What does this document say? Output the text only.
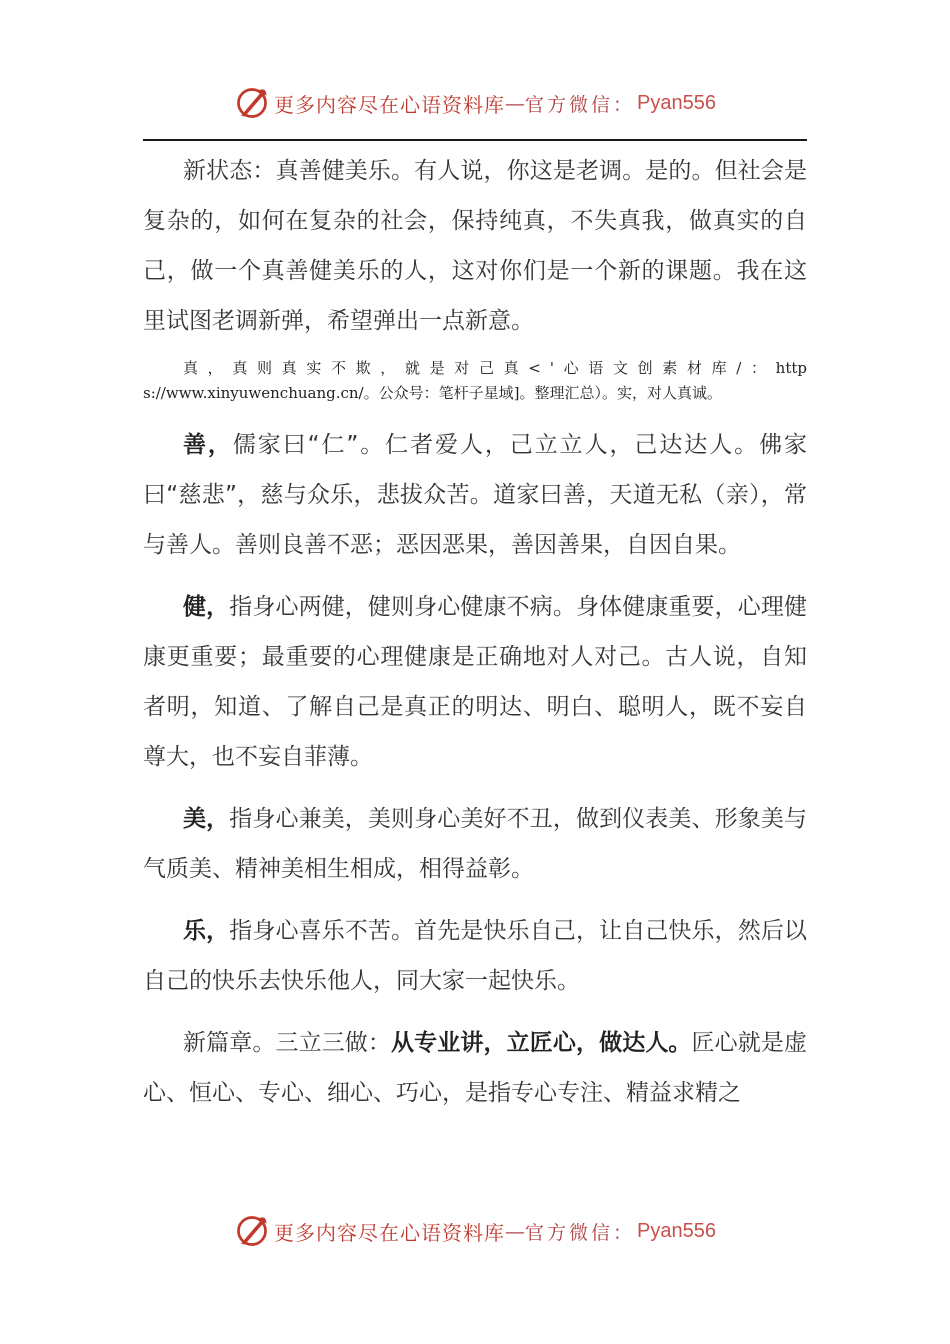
更多内容尽在心语资料库 — 官方微信： Pyan556

新状态：真善健美乐。有人说，你这是老调。是的。但社会是复杂的，如何在复杂的社会，保持纯真，不失真我，做真实的自己，做一个真善健美乐的人，这对你们是一个新的课题。我在这里试图老调新弹，希望弹出一点新意。

真，真则真实不欺，就是对己真<'心语文创素材库/：https://www.xinyuwenchuang.cn/。公众号：笔杆子星域]。整理汇总）。实，对人真诚。

善，儒家曰“仁”。仁者爱人，己立立人，己达达人。佛家曰“慈悲”，慈与众乐，悲拔众苦。道家曰善，天道无私（亲），常与善人。善则良善不恶；恶因恶果，善因善果，自因自果。

健，指身心两健，健则身心健康不病。身体健康重要，心理健康更重要；最重要的心理健康是正确地对人对己。古人说，自知者明，知道、了解自己是真正的明达、明白、聪明人，既不妄自尊大，也不妄自菲薄。

美，指身心兼美，美则身心美好不丑，做到仪表美、形象美与气质美、精神美相生相成，相得益彰。

乐，指身心喜乐不苦。首先是快乐自己，让自己快乐，然后以自己的快乐去快乐他人，同大家一起快乐。

新篇章。三立三做：从专业讲，立匠心，做达人。匠心就是虚心、恒心、专心、细心、巧心，是指专心专注、精益求精之

更多内容尽在心语资料库 — 官方微信： Pyan556
